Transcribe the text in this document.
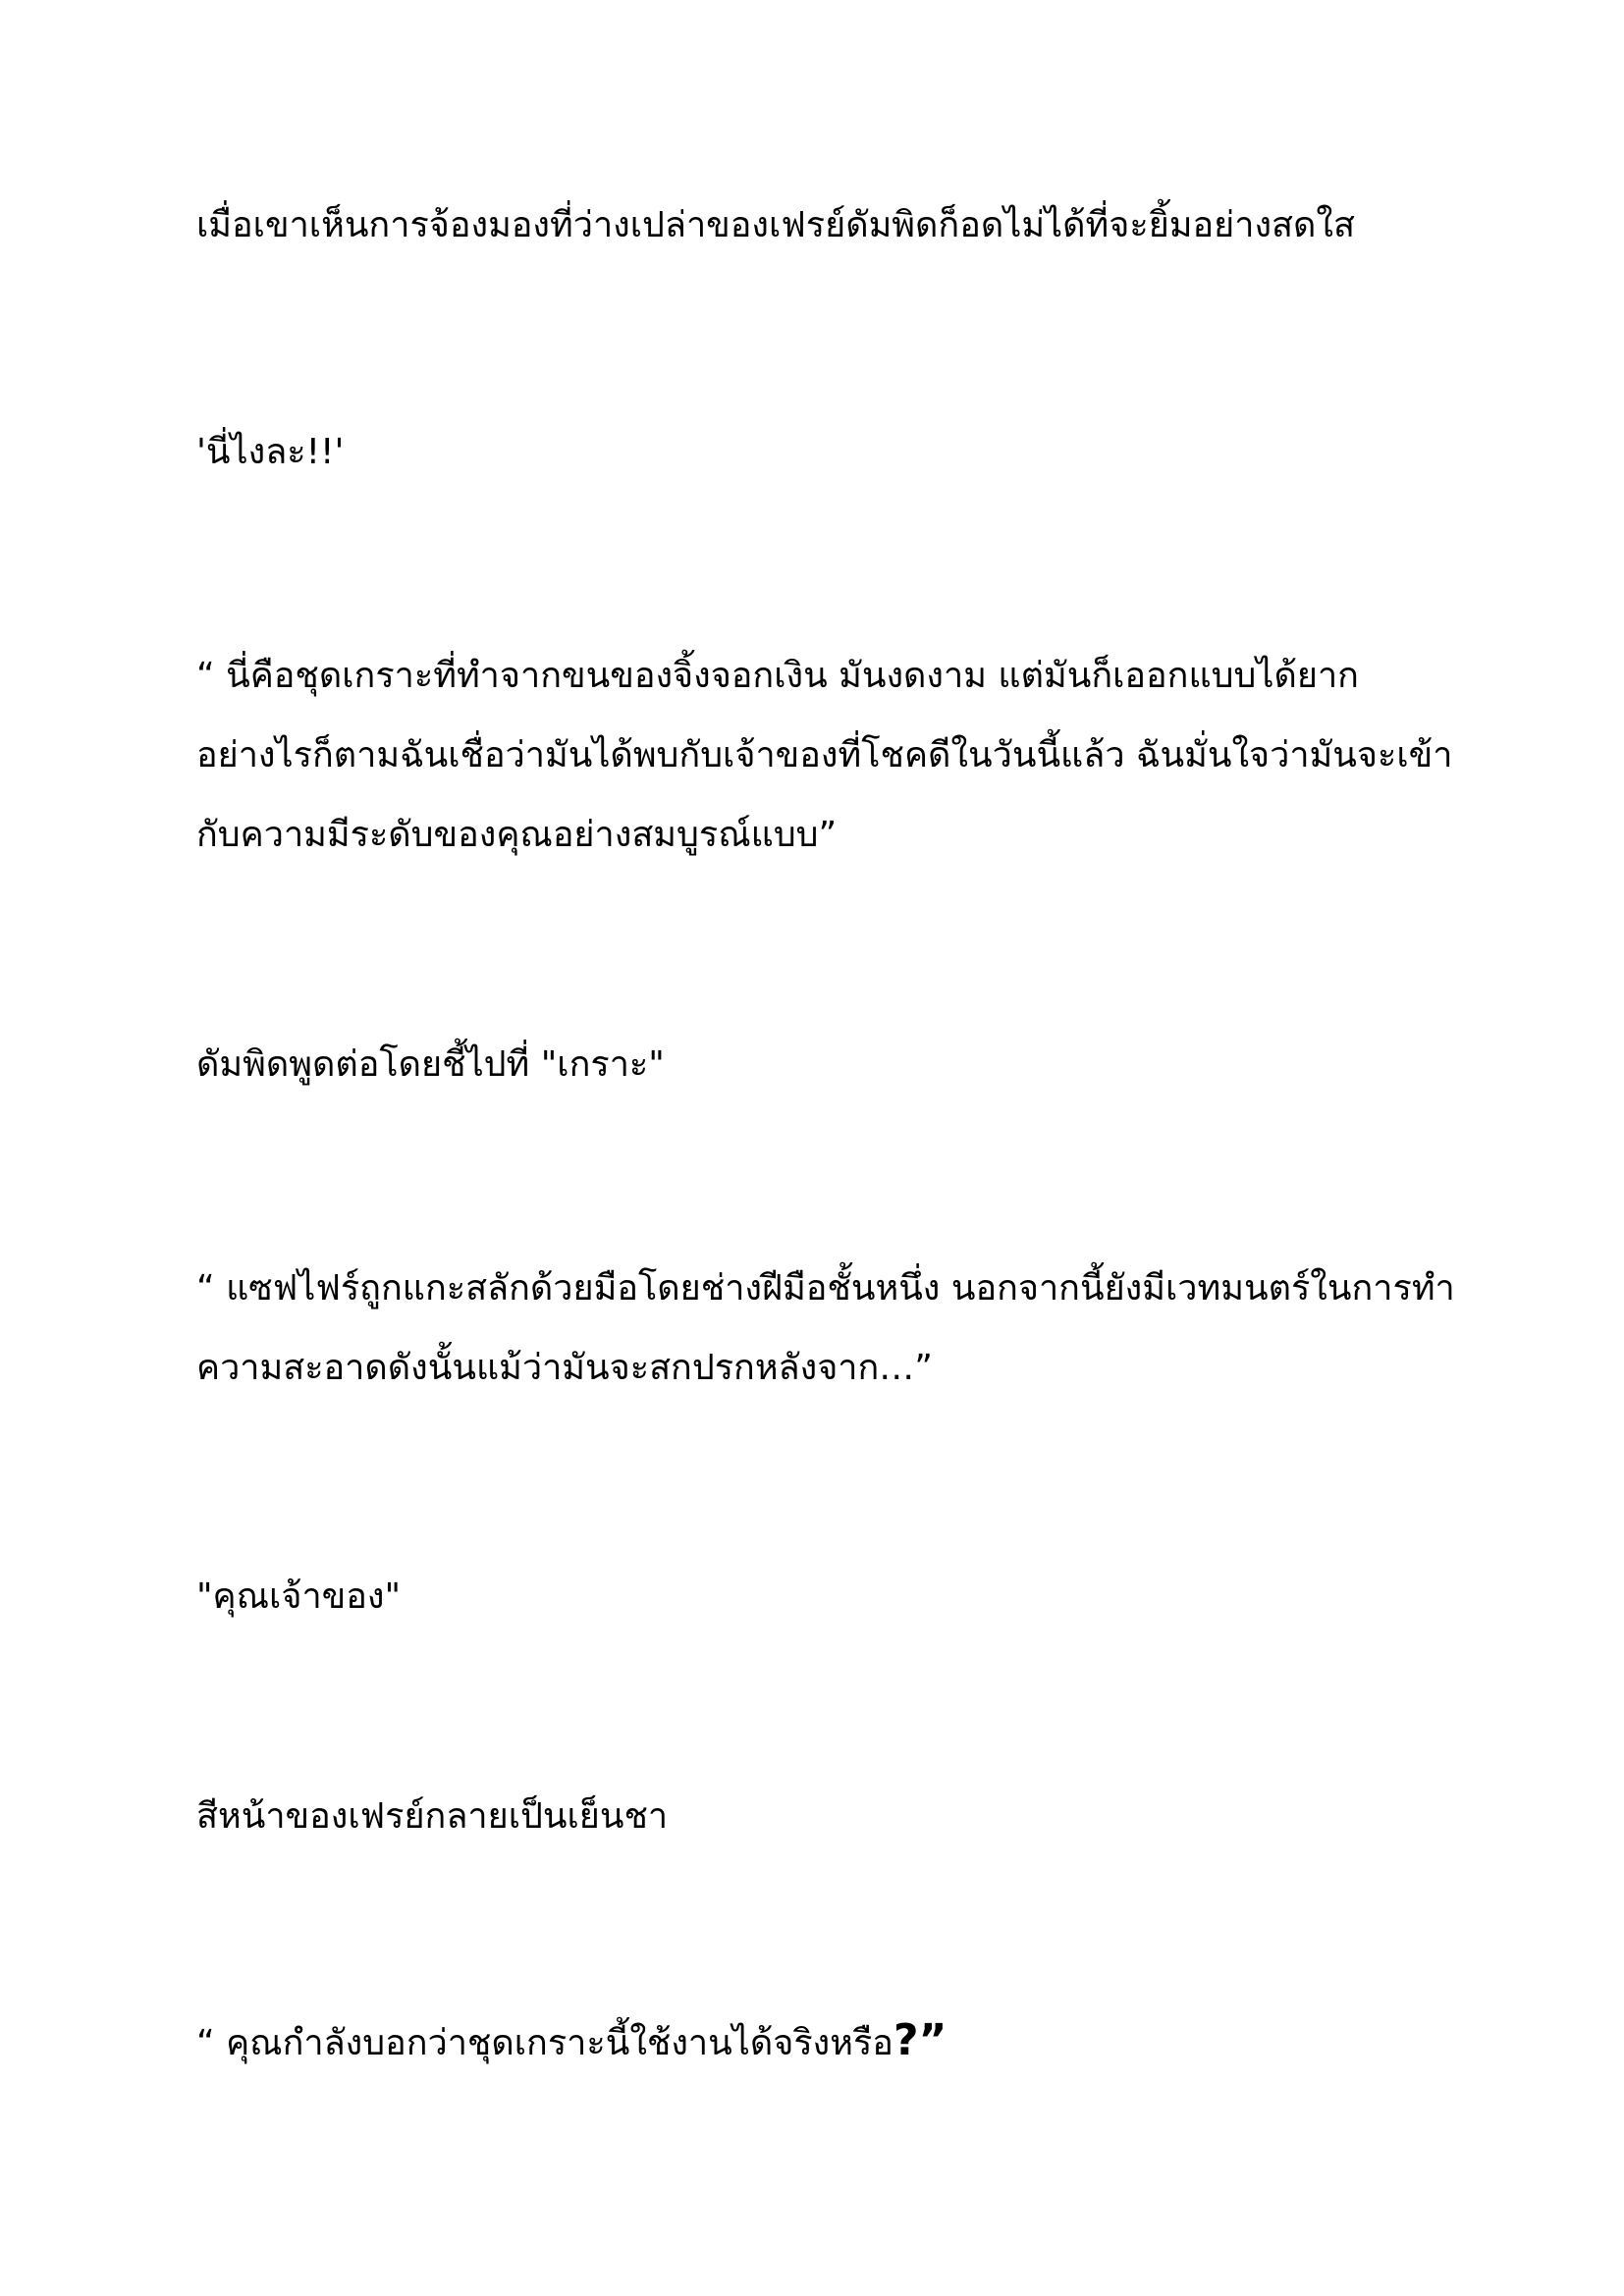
เมื่อเขาเห็นการจ้องมองที่ว่างเปล่าของเฟรย์ดัมพิดก็อดไม่ได้ที่จะยิ้มอย่างสดใส

'นี่ไงละ!!'

“ นี่คือชุดเกราะที่ทำจากขนของจิ้งจอกเงิน มันงดงาม แต่มันก็เออกแบบได้ยาก
อย่างไรก็ตามฉันเชื่อว่ามันได้พบกับเจ้าของที่โชคดีในวันนี้แล้ว ฉันมั่นใจว่ามันจะเข้า
กับความมีระดับของคุณอย่างสมบูรณ์แบบ”

ดัมพิดพูดต่อโดยชี้ไปที่ "เกราะ"

“ แซฟไฟร์ถูกแกะสลักด้วยมือโดยช่างฝีมือชั้นหนึ่ง นอกจากนี้ยังมีเวทมนตร์ในการทำ
ความสะอาดดังนั้นแม้ว่ามันจะสกปรกหลังจาก…”

"คุณเจ้าของ"

สีหน้าของเฟรย์กลายเป็นเย็นชา

“ คุณกำลังบอกว่าชุดเกราะนี้ใช้งานได้จริงหรือ?”
